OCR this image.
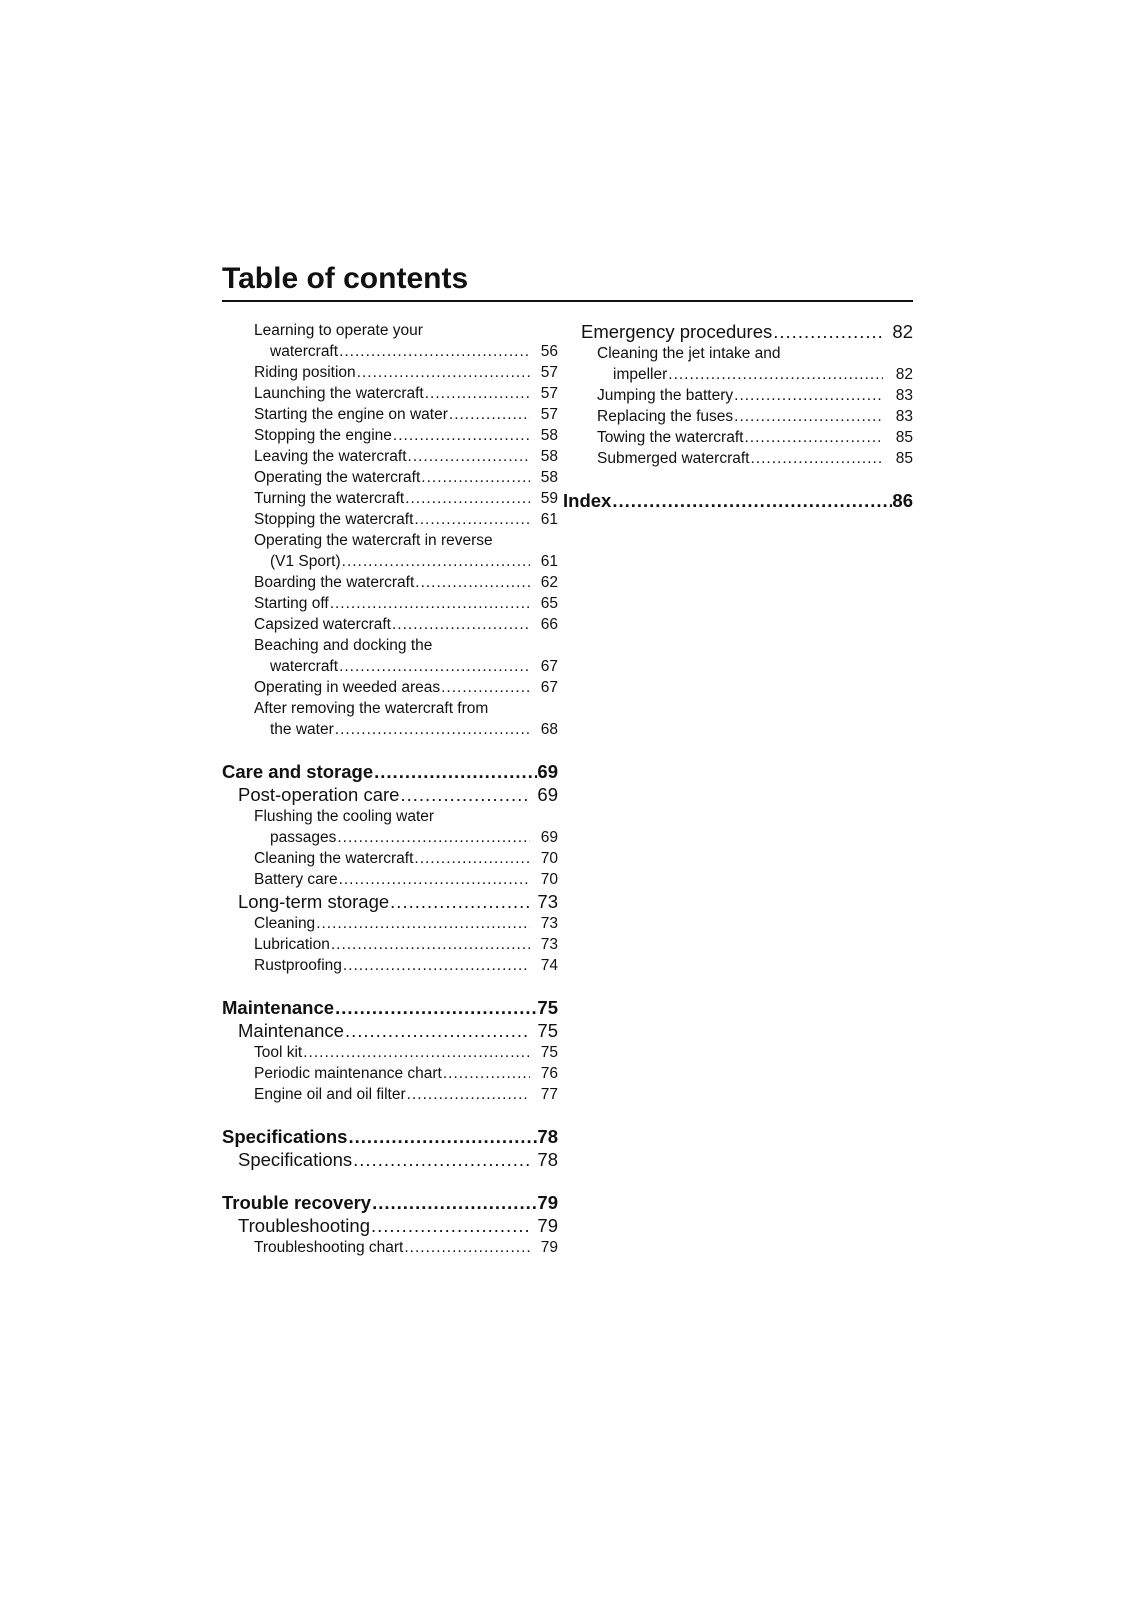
Table of contents
Learning to operate your
watercraft .....	56
Riding position .....	57
Launching the watercraft .....	57
Starting the engine on water .....	57
Stopping the engine .....	58
Leaving the watercraft .....	58
Operating the watercraft .....	58
Turning the watercraft .....	59
Stopping the watercraft .....	61
Operating the watercraft in reverse
(V1 Sport) .....	61
Boarding the watercraft .....	62
Starting off .....	65
Capsized watercraft .....	66
Beaching and docking the
watercraft .....	67
Operating in weeded areas .....	67
After removing the watercraft from
the water .....	68
Care and storage .....	69
Post-operation care .....	69
Flushing the cooling water
passages .....	69
Cleaning the watercraft .....	70
Battery care .....	70
Long-term storage .....	73
Cleaning .....	73
Lubrication .....	73
Rustproofing .....	74
Maintenance .....	75
Maintenance .....	75
Tool kit .....	75
Periodic maintenance chart .....	76
Engine oil and oil filter .....	77
Specifications .....	78
Specifications .....	78
Trouble recovery .....	79
Troubleshooting .....	79
Troubleshooting chart .....	79
Emergency procedures .....	82
Cleaning the jet intake and
impeller .....	82
Jumping the battery .....	83
Replacing the fuses .....	83
Towing the watercraft .....	85
Submerged watercraft .....	85
Index .....	86
